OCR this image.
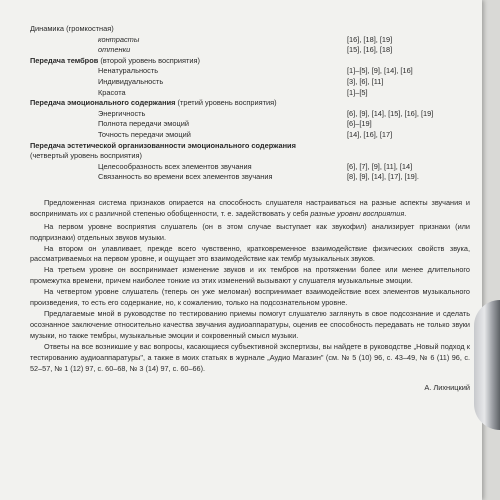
Динамика (громкостная)
контрасты	[16], [18], [19]
оттенки	[15], [16], [18]
Передача тембров (второй уровень восприятия)
Ненатуральность	[1]–[5], [9], [14], [16]
Индивидуальность	[3], [6], [11]
Красота	[1]–[5]
Передача эмоционального содержания (третий уровень восприятия)
Энергичность	[6], [9], [14], [15], [16], [19]
Полнота передачи эмоций	[6]–[19]
Точность передачи эмоций	[14], [16], [17]
Передача эстетической организованности эмоционального содержания
(четвертый уровень восприятия)
Целесообразность всех элементов звучания	[6], [7], [9], [11], [14]
Связанность во времени всех элементов звучания	[8], [9], [14], [17], [19].

Предложенная система признаков опирается на способность слушателя настраиваться на разные аспекты звучания и воспринимать их с различной степенью обобщенности, т. е. задействовать у себя разные уровни восприятия.

На первом уровне восприятия слушатель (он в этом случае выступает как звукофил) анализирует признаки (или подпризнаки) отдельных звуков музыки.

На втором он улавливает, прежде всего чувственно, кратковременное взаимодействие физических свойств звука, рассматриваемых на первом уровне, и ощущает это взаимодействие как тембр музыкальных звуков.

На третьем уровне он воспринимает изменение звуков и их тембров на протяжении более или менее длительного промежутка времени, причем наиболее тонкие из этих изменений вызывают у слушателя музыкальные эмоции.

На четвертом уровне слушатель (теперь он уже меломан) воспринимает взаимодействие всех элементов музыкального произведения, то есть его содержание, но, к сожалению, только на подсознательном уровне.

Предлагаемые мной в руководстве по тестированию приемы помогут слушателю заглянуть в свое подсознание и сделать осознанное заключение относительно качества звучания аудиоаппаратуры, оценив ее способность передавать не только звуки музыки, но также тембры, музыкальные эмоции и сокровенный смысл музыки.

Ответы на все возникшие у вас вопросы, касающиеся субъективной экспертизы, вы найдете в руководстве „Новый подход к тестированию аудиоаппаратуры", а также в моих статьях в журнале „Аудио Магазин" (см. № 5 (10) 96, с. 43–49, № 6 (11) 96, с. 52–57, № 1 (12) 97, с. 60–68, № 3 (14) 97, с. 60–66).

А. Лихницкий
